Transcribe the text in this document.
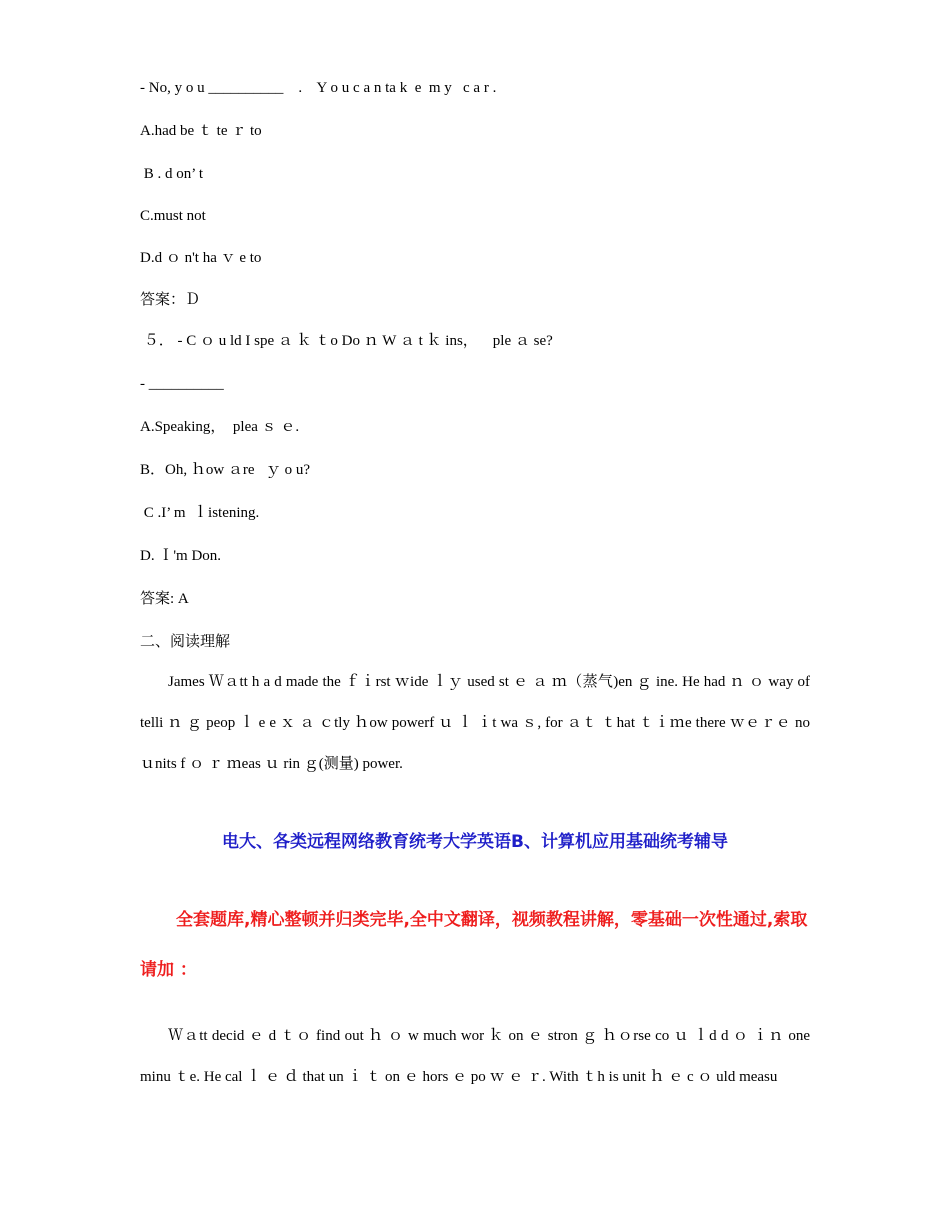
- No, y o u __________    .    Y o u c a n ta k  e  m y   c a r .
A.had be ｔ te ｒ to
B . d on’ t
C.must not
D.d ｏ n't ha ｖ e to
答案：Ｄ
５． - C ｏ u ld I spe ａ ｋ ｔo Do ｎ W ａ t ｋ ins，    ple ａ se?
- __________
A.Speaking，  plea ｓ ｅ.
B．Oh, ｈow ａre   ｙ o u?
C .I’ m  ｌistening.
D. Ｉ'm Don.
答案: A
二、阅读理解
James Ｗａtt h a d made the ｆｉrst ｗide ｌｙ used st ｅ ａ ｍ（蒸气)en ｇ ine. He had ｎ ｏ way of telli ｎ ｇ peop ｌ e e ｘ ａ ｃtly ｈow powerf ｕ ｌ ｉt wa ｓ, for ａｔ ｔhat ｔｉｍe there ｗｅｒｅ no ｕnits f ｏ ｒ ｍeas ｕ rin ｇ(测量) power.
电大、各类远程网络教育统考大学英语B、计算机应用基础统考辅导
全套题库,精心整顿并归类完毕,全中文翻译，视频教程讲解，零基础一次性通过,索取请加 ：
Ｗａtt decid ｅ d ｔｏ find out ｈ ｏ w much wor ｋ on ｅ stron ｇ ｈｏrse co ｕ ｌd d ｏ ｉｎ one minu ｔe. He cal ｌ ｅ ｄ that un ｉ ｔ on ｅ hors ｅ po ｗ ｅ ｒ. With ｔh is unit ｈ ｅ c ｏ uld measu
